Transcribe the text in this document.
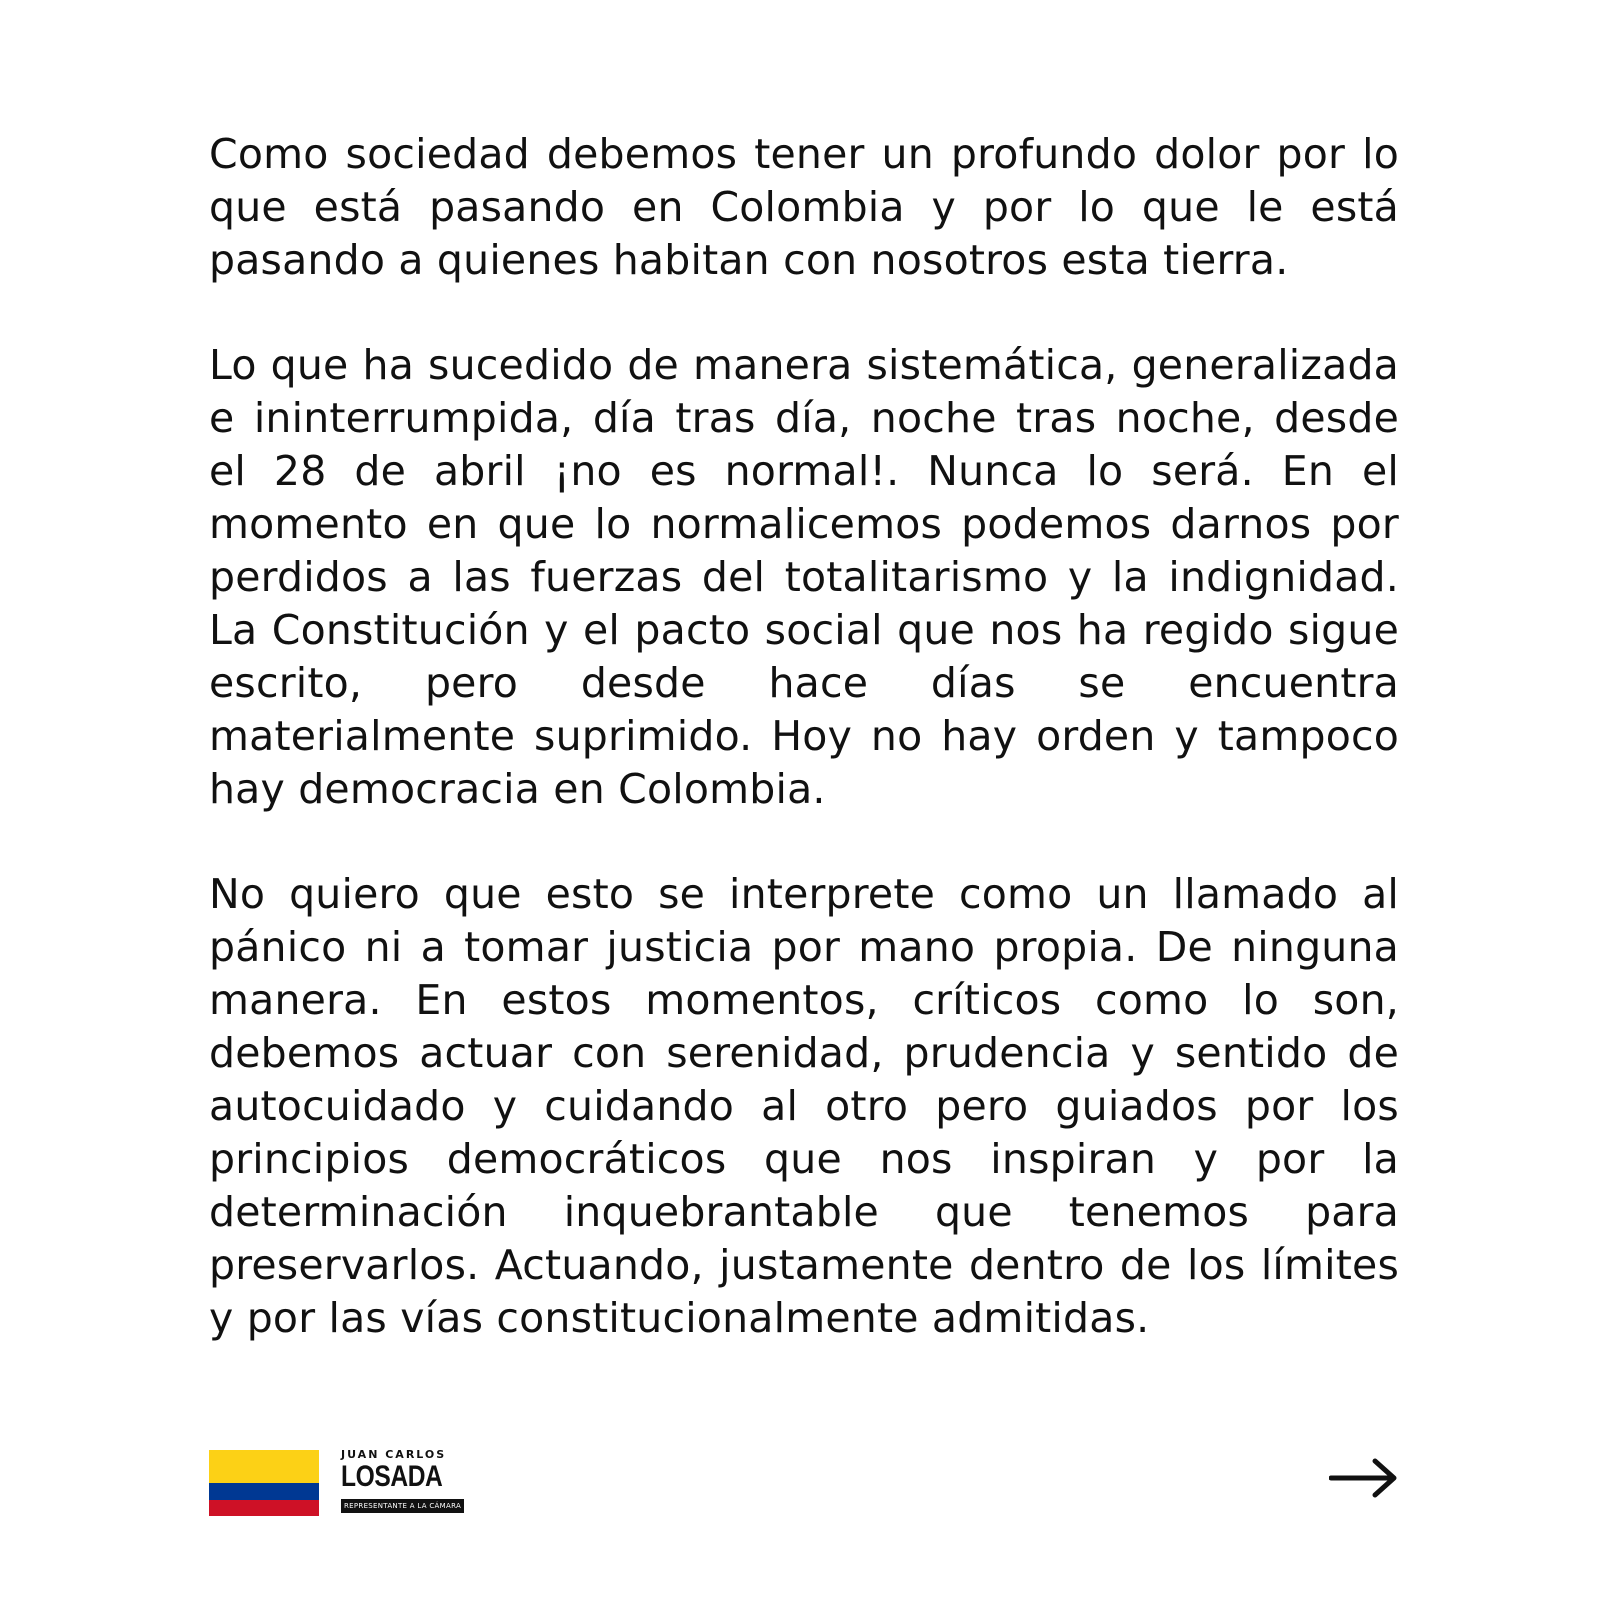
Como sociedad debemos tener un profundo dolor por lo que está pasando en Colombia y por lo que le está pasando a quienes habitan con nosotros esta tierra.

Lo que ha sucedido de manera sistemática, generalizada e ininterrumpida, día tras día, noche tras noche, desde el 28 de abril ¡no es normal!. Nunca lo será. En el momento en que lo normalicemos podemos darnos por perdidos a las fuerzas del totalitarismo y la indignidad. La Constitución y el pacto social que nos ha regido sigue escrito, pero desde hace días se encuentra materialmente suprimido. Hoy no hay orden y tampoco hay democracia en Colombia.

No quiero que esto se interprete como un llamado al pánico ni a tomar justicia por mano propia. De ninguna manera. En estos momentos, críticos como lo son, debemos actuar con serenidad, prudencia y sentido de autocuidado y cuidando al otro pero guiados por los principios democráticos que nos inspiran y por la determinación inquebrantable que tenemos para preservarlos. Actuando, justamente dentro de los límites y por las vías constitucionalmente admitidas.

JUAN CARLOS
LOSADA
REPRESENTANTE A LA CÁMARA
